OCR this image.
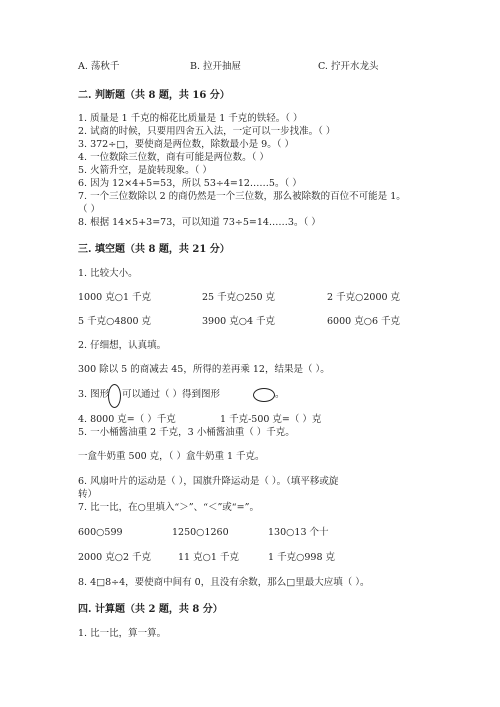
A. 荡秋千	B. 拉开抽屉	C. 拧开水龙头
二. 判断题（共 8 题，共 16 分）
1. 质量是 1 千克的棉花比质量是 1 千克的铁轻。（ ）
2. 试商的时候，只要用四舍五入法，一定可以一步找准。（ ）
3. 372÷□，要使商是两位数，除数最小是 9。（ ）
4. 一位数除三位数，商有可能是两位数。（ ）
5. 火箭升空，是旋转现象。（ ）
6. 因为 12×4+5=53，所以 53÷4=12……5。（ ）
7. 一个三位数除以 2 的商仍然是一个三位数，那么被除数的百位不可能是 1。
（ ）
8. 根据 14×5+3=73，可以知道 73÷5=14……3。（ ）
三. 填空题（共 8 题，共 21 分）
1. 比较大小。
1000 克○1 千克	25 千克○250 克	2 千克○2000 克
5 千克○4800 克	3900 克○4 千克	6000 克○6 千克
2. 仔细想，认真填。
300 除以 5 的商减去 45，所得的差再乘 12，结果是（ ）。
3. 图形 可以通过（ ）得到图形	。
4. 8000 克=（ ）千克	1 千克-500 克=（ ）克
5. 一小桶酱油重 2 千克，3 小桶酱油重（ ）千克。
一盒牛奶重 500 克，（ ）盒牛奶重 1 千克。
6. 风扇叶片的运动是（ ），国旗升降运动是（ ）。（填平移或旋
转）
7. 比一比，在○里填入“＞”、“＜”或“=”。
600○599	1250○1260	130○13 个十
2000 克○2 千克	11 克○1 千克	1 千克○998 克
8. 4□8÷4，要使商中间有 0，且没有余数，那么□里最大应填（ ）。
四. 计算题（共 2 题，共 8 分）
1. 比一比，算一算。
